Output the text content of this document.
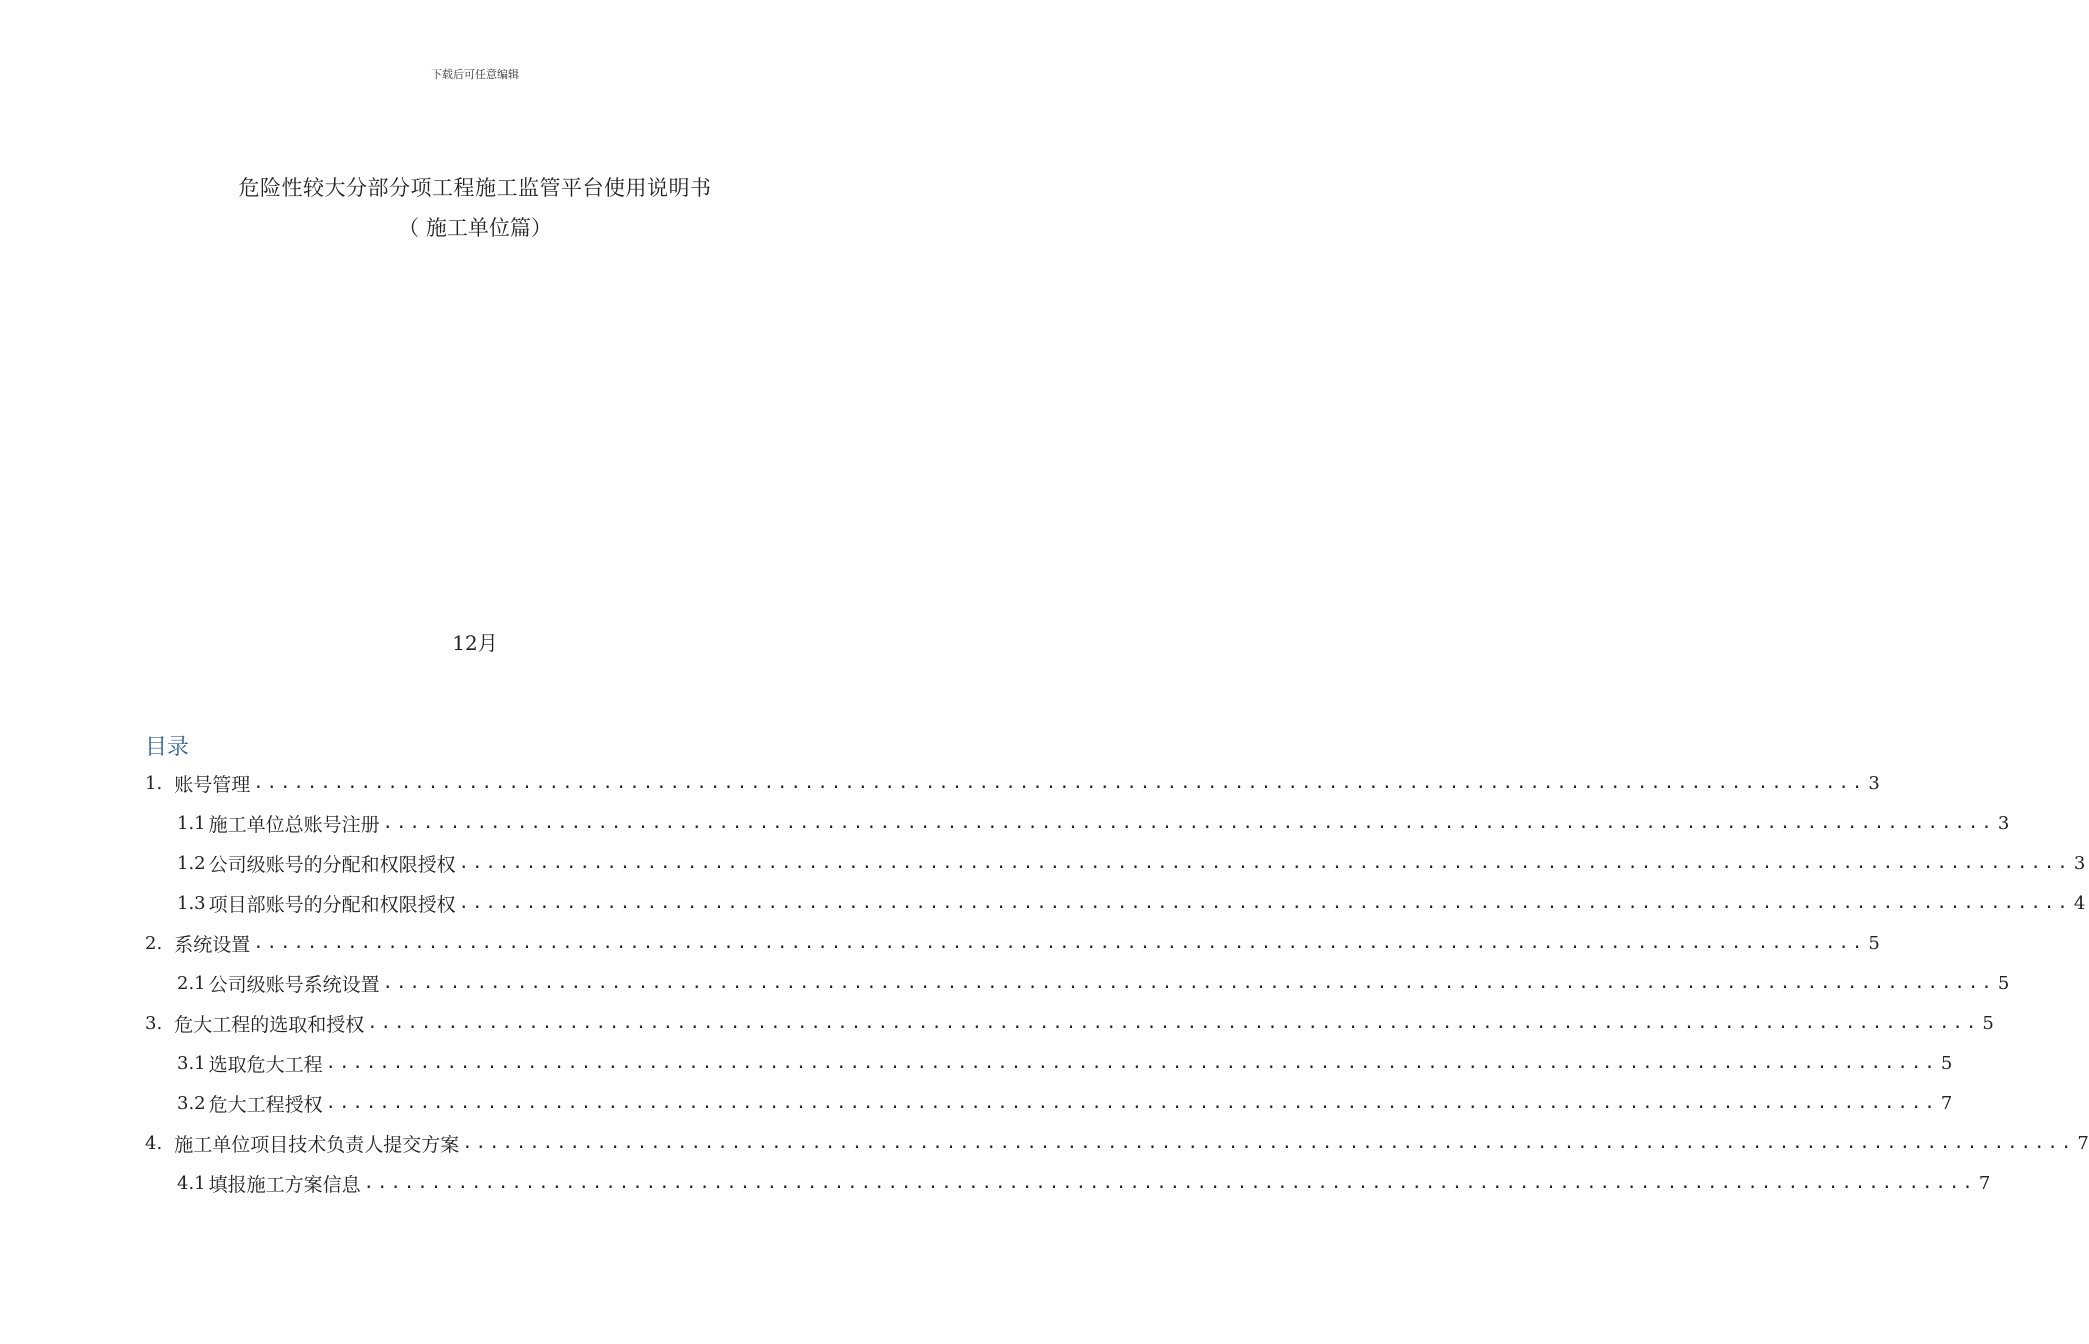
下载后可任意编辑
危险性较大分部分项工程施工监管平台使用说明书
（ 施工单位篇）
12月
目录
1. 账号管理 ........................................................................................................................ 3
1.1 施工单位总账号注册 ........................................................................................................................ 3
1.2 公司级账号的分配和权限授权 ........................................................................................................................ 3
1.3 项目部账号的分配和权限授权 ........................................................................................................................ 4
2. 系统设置 ........................................................................................................................ 5
2.1 公司级账号系统设置 ........................................................................................................................ 5
3. 危大工程的选取和授权 ........................................................................................................................ 5
3.1 选取危大工程 ........................................................................................................................ 5
3.2 危大工程授权 ........................................................................................................................ 7
4. 施工单位项目技术负责人提交方案 ........................................................................................................................ 7
4.1 填报施工方案信息 ........................................................................................................................ 7
